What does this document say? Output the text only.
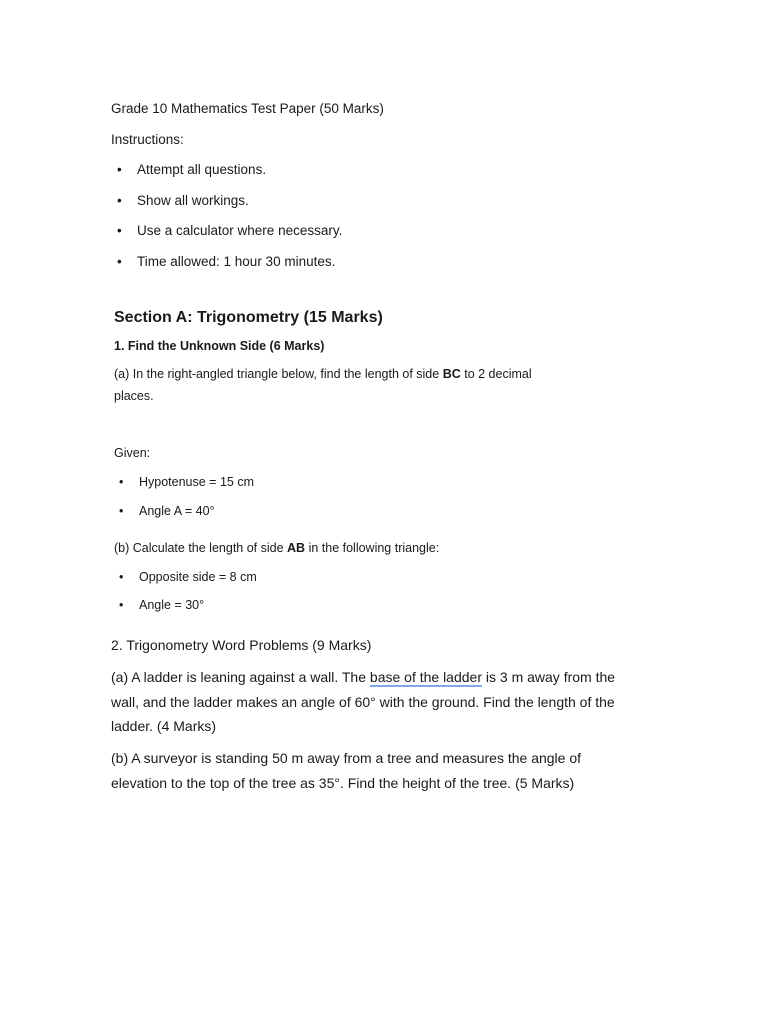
Grade 10 Mathematics Test Paper (50 Marks)
Instructions:
• Attempt all questions.
• Show all workings.
• Use a calculator where necessary.
• Time allowed: 1 hour 30 minutes.
Section A: Trigonometry (15 Marks)
1. Find the Unknown Side (6 Marks)
(a) In the right-angled triangle below, find the length of side BC to 2 decimal
places.
Given:
• Hypotenuse = 15 cm
• Angle A = 40°
(b) Calculate the length of side AB in the following triangle:
• Opposite side = 8 cm
• Angle = 30°
2. Trigonometry Word Problems (9 Marks)
(a) A ladder is leaning against a wall. The base of the ladder is 3 m away from the
wall, and the ladder makes an angle of 60° with the ground. Find the length of the
ladder. (4 Marks)
(b) A surveyor is standing 50 m away from a tree and measures the angle of
elevation to the top of the tree as 35°. Find the height of the tree. (5 Marks)
